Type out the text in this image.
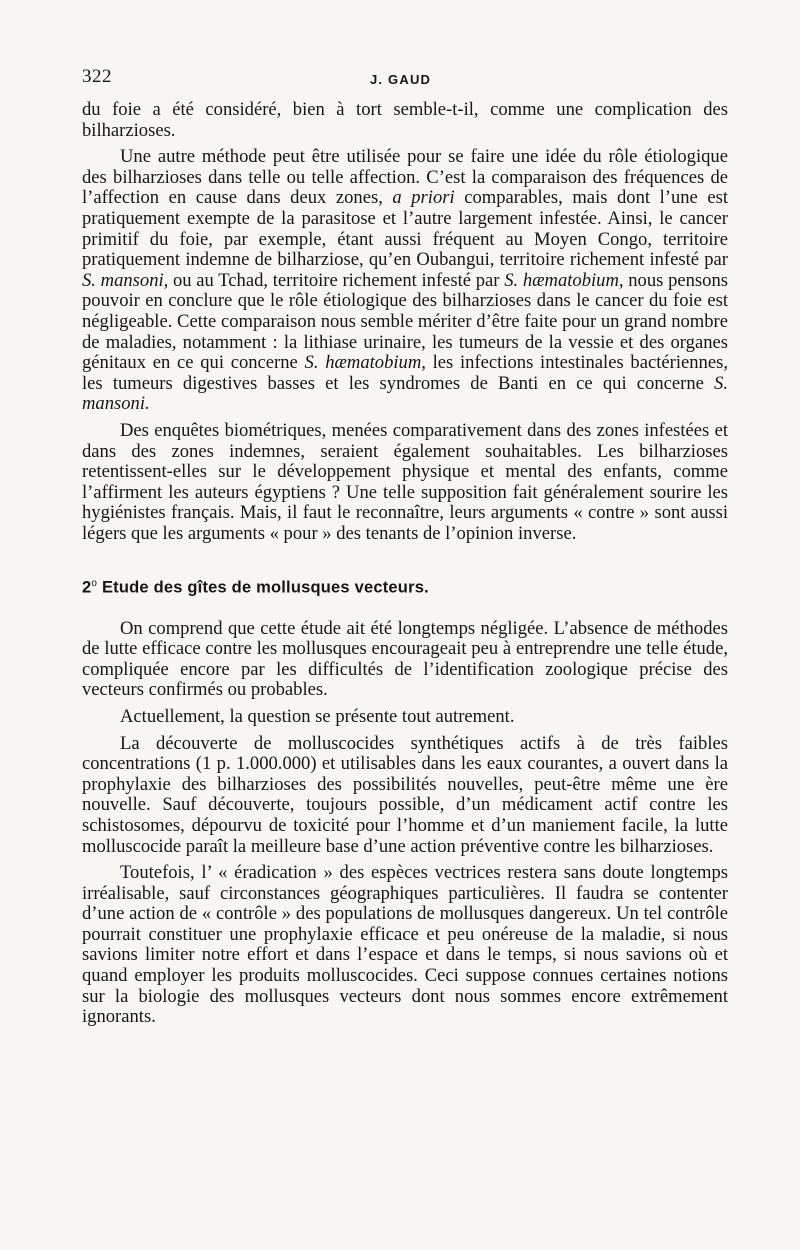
322	J. GAUD

du foie a été considéré, bien à tort semble-t-il, comme une complication des bilharzioses.

Une autre méthode peut être utilisée pour se faire une idée du rôle étiologique des bilharzioses dans telle ou telle affection. C’est la comparaison des fréquences de l’affection en cause dans deux zones, a priori comparables, mais dont l’une est pratiquement exempte de la parasitose et l’autre largement infestée. Ainsi, le cancer primitif du foie, par exemple, étant aussi fréquent au Moyen Congo, territoire pratiquement indemne de bilharziose, qu’en Oubangui, territoire richement infesté par S. mansoni, ou au Tchad, territoire richement infesté par S. hæmatobium, nous pensons pouvoir en conclure que le rôle étiologique des bilharzioses dans le cancer du foie est négligeable. Cette comparaison nous semble mériter d’être faite pour un grand nombre de maladies, notamment : la lithiase urinaire, les tumeurs de la vessie et des organes génitaux en ce qui concerne S. hæmatobium, les infections intestinales bactériennes, les tumeurs digestives basses et les syndromes de Banti en ce qui concerne S. mansoni.

Des enquêtes biométriques, menées comparativement dans des zones infestées et dans des zones indemnes, seraient également souhaitables. Les bilharzioses retentissent-elles sur le développement physique et mental des enfants, comme l’affirment les auteurs égyptiens ? Une telle supposition fait généralement sourire les hygiénistes français. Mais, il faut le reconnaître, leurs arguments « contre » sont aussi légers que les arguments « pour » des tenants de l’opinion inverse.

2$^o$ Etude des gîtes de mollusques vecteurs.

On comprend que cette étude ait été longtemps négligée. L’absence de méthodes de lutte efficace contre les mollusques encourageait peu à entreprendre une telle étude, compliquée encore par les difficultés de l’identification zoologique précise des vecteurs confirmés ou probables.

Actuellement, la question se présente tout autrement.

La découverte de molluscocides synthétiques actifs à de très faibles concentrations (1 p. 1.000.000) et utilisables dans les eaux courantes, a ouvert dans la prophylaxie des bilharzioses des possibilités nouvelles, peut-être même une ère nouvelle. Sauf découverte, toujours possible, d’un médicament actif contre les schistosomes, dépourvu de toxicité pour l’homme et d’un maniement facile, la lutte molluscocide paraît la meilleure base d’une action préventive contre les bilharzioses.

Toutefois, l’ « éradication » des espèces vectrices restera sans doute longtemps irréalisable, sauf circonstances géographiques particulières. Il faudra se contenter d’une action de « contrôle » des populations de mollusques dangereux. Un tel contrôle pourrait constituer une prophylaxie efficace et peu onéreuse de la maladie, si nous savions limiter notre effort et dans l’espace et dans le temps, si nous savions où et quand employer les produits molluscocides. Ceci suppose connues certaines notions sur la biologie des mollusques vecteurs dont nous sommes encore extrêmement ignorants.
